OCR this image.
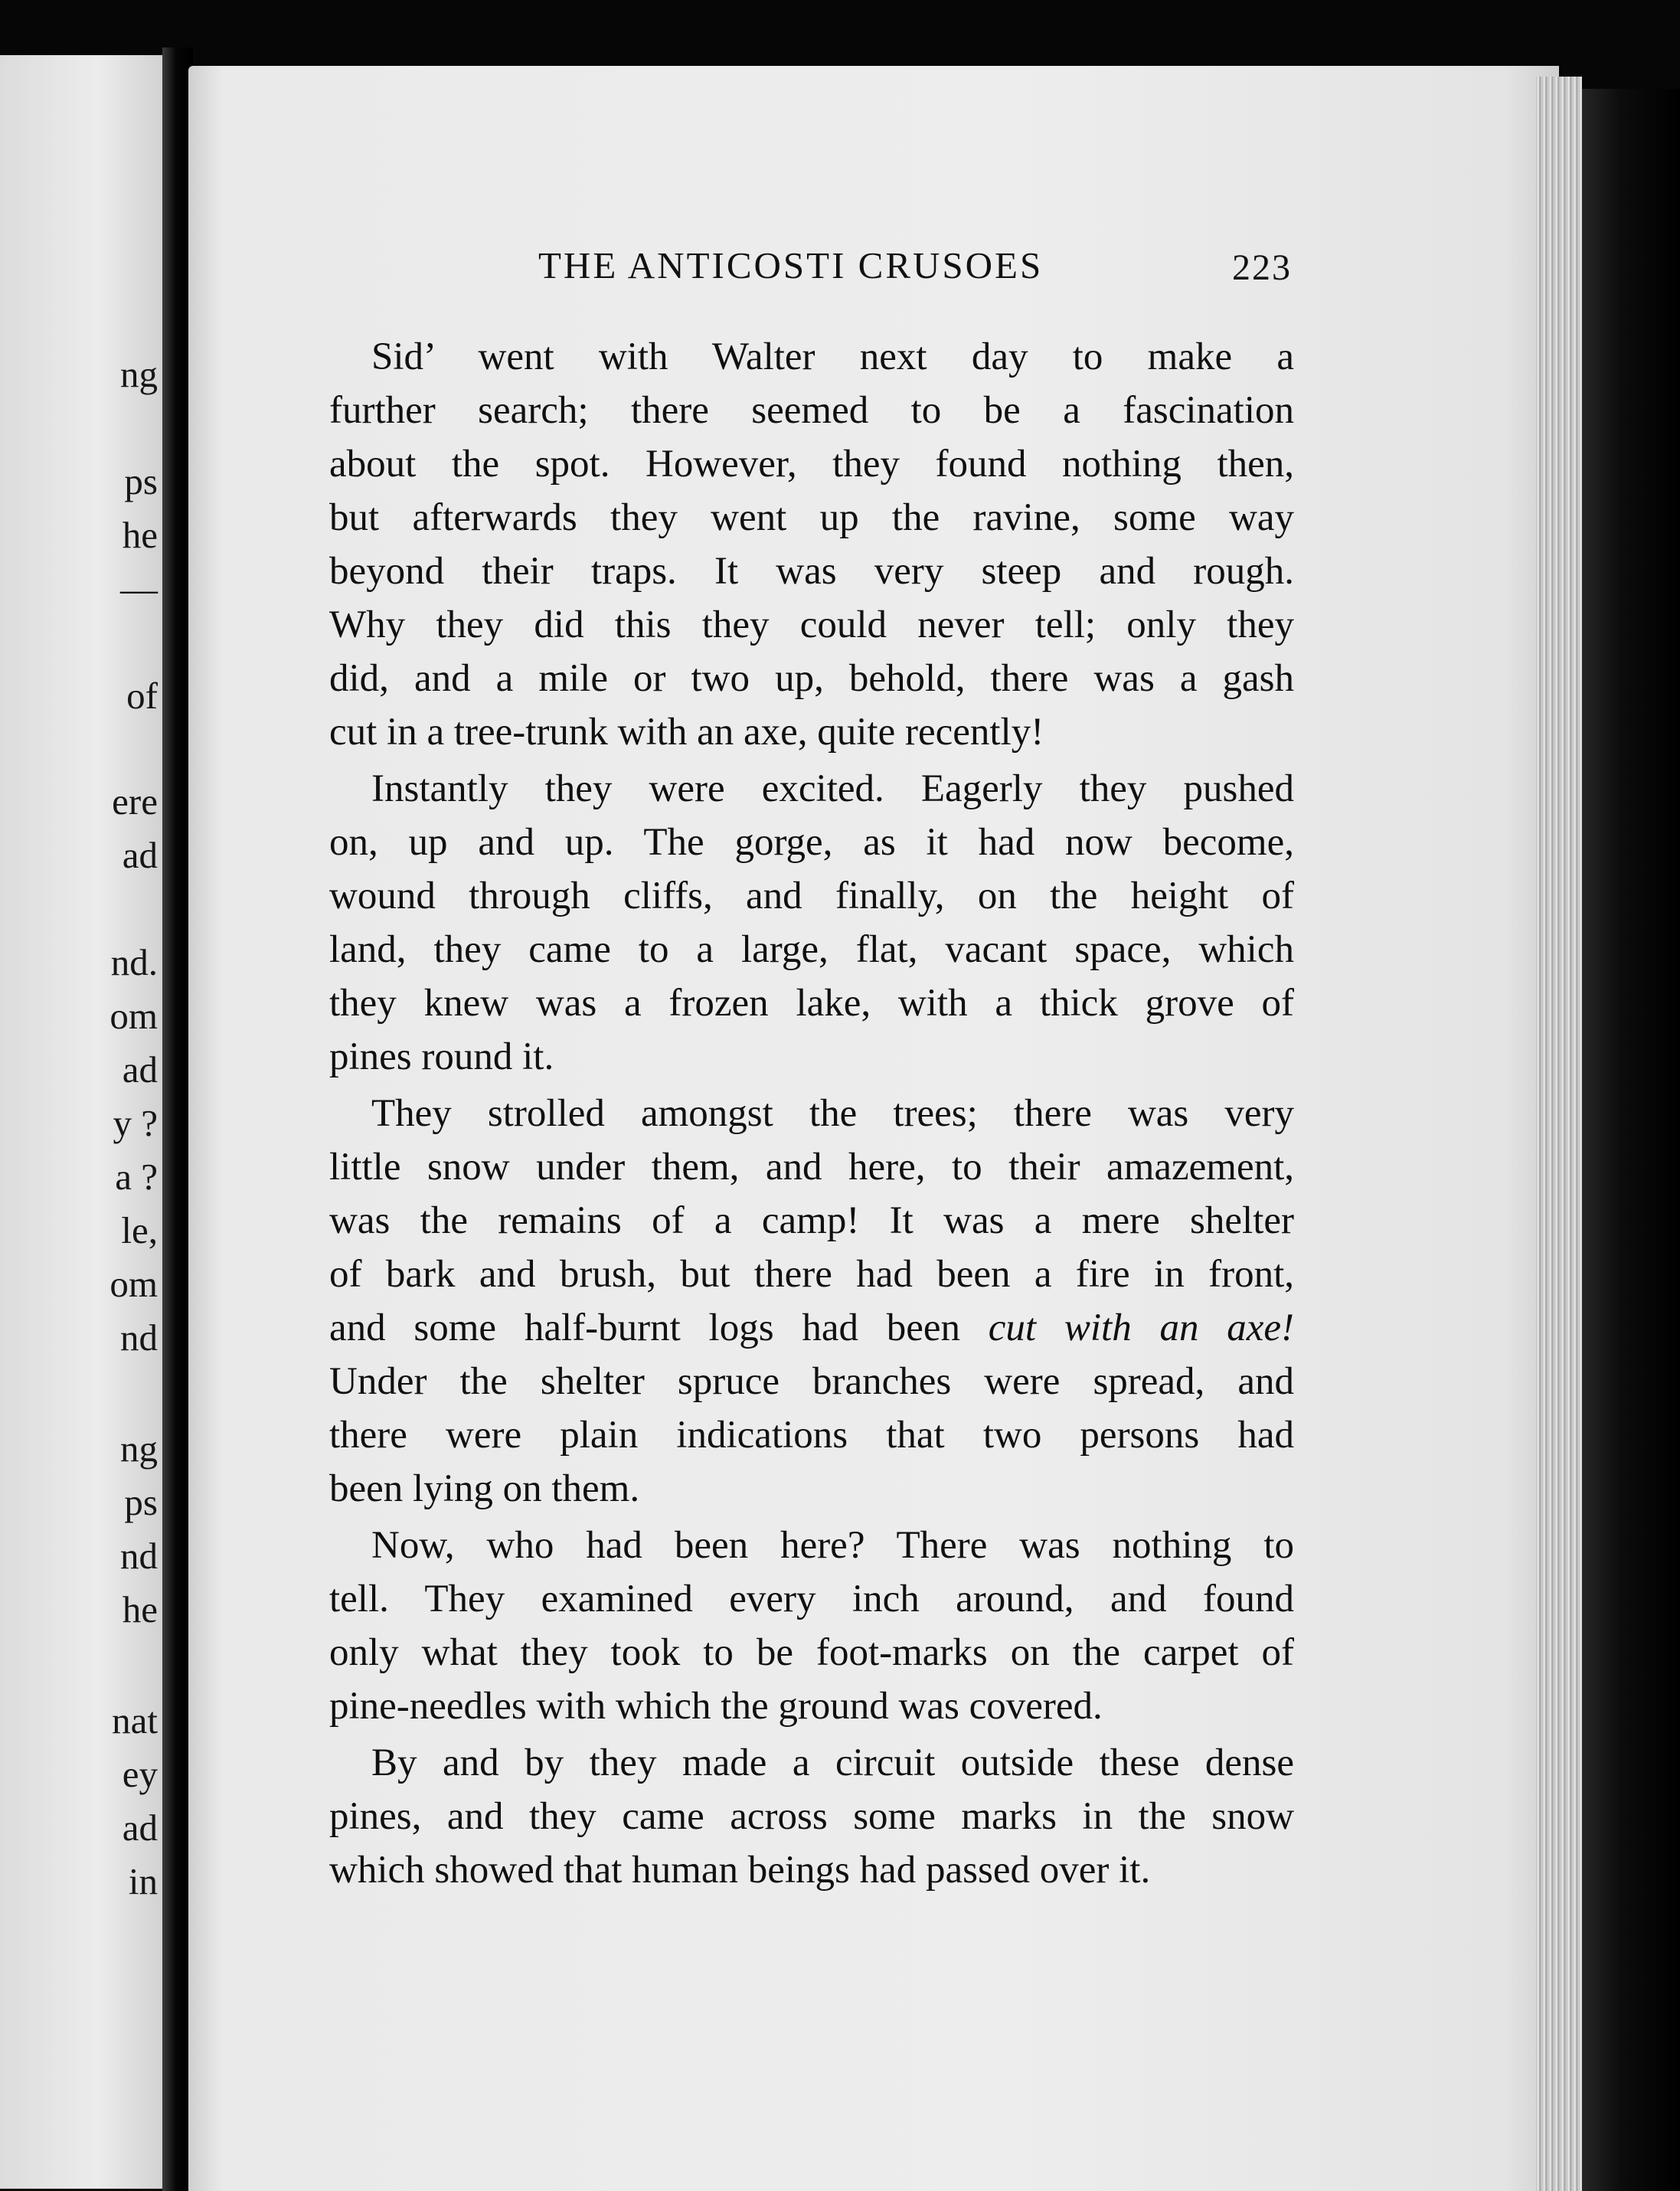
ng
ps
he
—
of
ere
ad
nd.
om
ad
y ?
a ?
le,
om
nd
ng
ps
nd
he
nat
ey
ad
in
THE ANTICOSTI CRUSOES	223
Sid’ went with Walter next day to make a
further search; there seemed to be a fascination
about the spot. However, they found nothing then,
but afterwards they went up the ravine, some way
beyond their traps. It was very steep and rough.
Why they did this they could never tell; only they
did, and a mile or two up, behold, there was a gash
cut in a tree-trunk with an axe, quite recently!
Instantly they were excited. Eagerly they pushed
on, up and up. The gorge, as it had now become,
wound through cliffs, and finally, on the height of
land, they came to a large, flat, vacant space, which
they knew was a frozen lake, with a thick grove of
pines round it.
They strolled amongst the trees; there was very
little snow under them, and here, to their amazement,
was the remains of a camp! It was a mere shelter
of bark and brush, but there had been a fire in front,
and some half-burnt logs had been cut with an axe!
Under the shelter spruce branches were spread, and
there were plain indications that two persons had
been lying on them.
Now, who had been here? There was nothing to
tell. They examined every inch around, and found
only what they took to be foot-marks on the carpet of
pine-needles with which the ground was covered.
By and by they made a circuit outside these dense
pines, and they came across some marks in the snow
which showed that human beings had passed over it.
